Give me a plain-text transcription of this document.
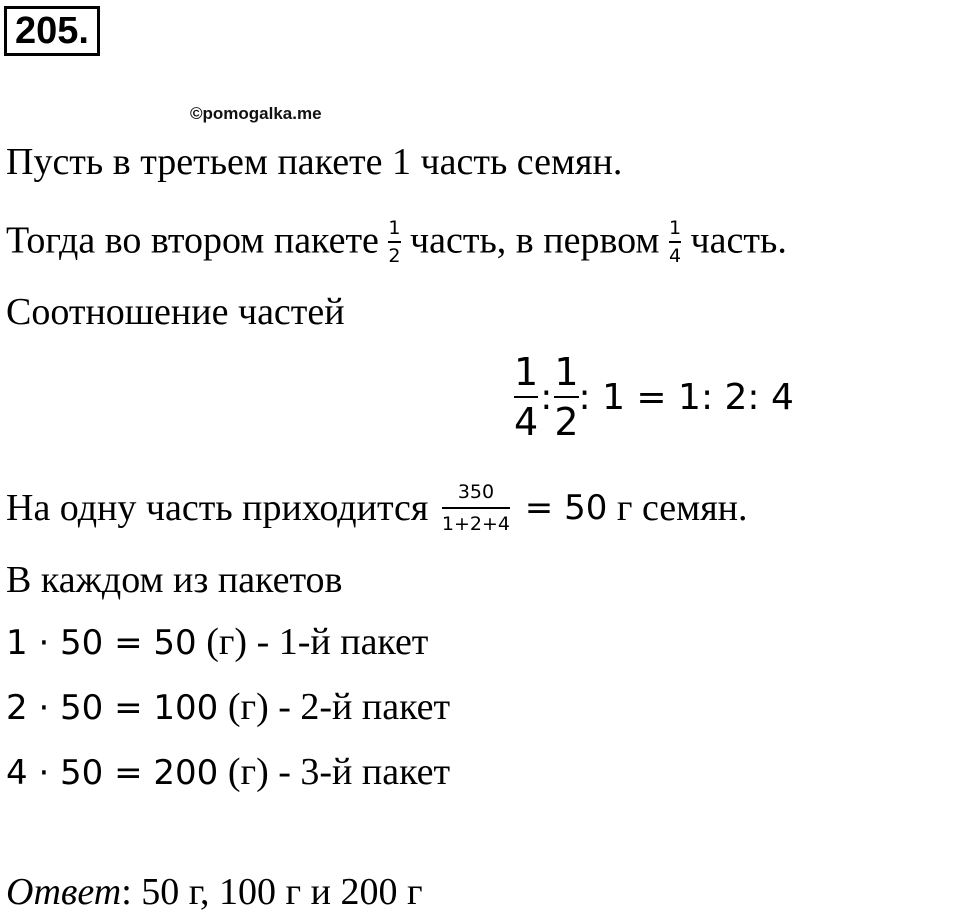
205.
©pomogalka.me
Пусть в третьем пакете 1 часть семян.
Тогда во втором пакете $\frac{1}{2}$ часть, в первом $\frac{1}{4}$ часть.
Соотношение частей
$\frac{1}{4}$ : $\frac{1}{2}$ : 1 = 1: 2: 4
На одну часть приходится $\frac{350}{1+2+4} = 50$ г семян.
В каждом из пакетов
1 · 50 = 50 (г) - 1-й пакет
2 · 50 = 100 (г) - 2-й пакет
4 · 50 = 200 (г) - 3-й пакет
Ответ: 50 г, 100 г и 200 г
